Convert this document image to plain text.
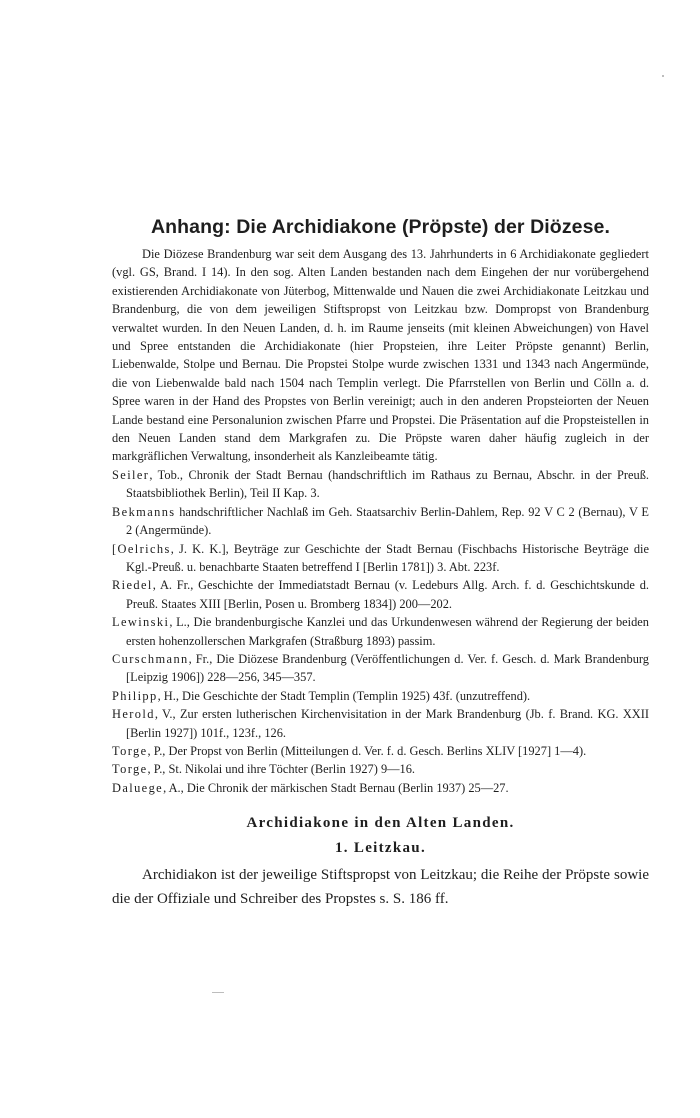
Anhang: Die Archidiakone (Pröpste) der Diözese.

Die Diözese Brandenburg war seit dem Ausgang des 13. Jahrhunderts in 6 Archidiakonate gegliedert (vgl. GS, Brand. I 14). In den sog. Alten Landen bestanden nach dem Eingehen der nur vorübergehend existierenden Archidiakonate von Jüterbog, Mittenwalde und Nauen die zwei Archidiakonate Leitzkau und Brandenburg, die von dem jeweiligen Stiftspropst von Leitzkau bzw. Dompropst von Brandenburg verwaltet wurden. In den Neuen Landen, d. h. im Raume jenseits (mit kleinen Abweichungen) von Havel und Spree entstanden die Archidiakonate (hier Propsteien, ihre Leiter Pröpste genannt) Berlin, Liebenwalde, Stolpe und Bernau. Die Propstei Stolpe wurde zwischen 1331 und 1343 nach Angermünde, die von Liebenwalde bald nach 1504 nach Templin verlegt. Die Pfarrstellen von Berlin und Cölln a. d. Spree waren in der Hand des Propstes von Berlin vereinigt; auch in den anderen Propsteiorten der Neuen Lande bestand eine Personalunion zwischen Pfarre und Propstei. Die Präsentation auf die Propsteistellen in den Neuen Landen stand dem Markgrafen zu. Die Pröpste waren daher häufig zugleich in der markgräflichen Verwaltung, insonderheit als Kanzleibeamte tätig.

Seiler, Tob., Chronik der Stadt Bernau (handschriftlich im Rathaus zu Bernau, Abschr. in der Preuß. Staatsbibliothek Berlin), Teil II Kap. 3.
Bekmanns handschriftlicher Nachlaß im Geh. Staatsarchiv Berlin-Dahlem, Rep. 92 V C 2 (Bernau), V E 2 (Angermünde).
[Oelrichs, J. K. K.], Beyträge zur Geschichte der Stadt Bernau (Fischbachs Historische Beyträge die Kgl.-Preuß. u. benachbarte Staaten betreffend I [Berlin 1781]) 3. Abt. 223f.
Riedel, A. Fr., Geschichte der Immediatstadt Bernau (v. Ledeburs Allg. Arch. f. d. Geschichtskunde d. Preuß. Staates XIII [Berlin, Posen u. Bromberg 1834]) 200—202.
Lewinski, L., Die brandenburgische Kanzlei und das Urkundenwesen während der Regierung der beiden ersten hohenzollerschen Markgrafen (Straßburg 1893) passim.
Curschmann, Fr., Die Diözese Brandenburg (Veröffentlichungen d. Ver. f. Gesch. d. Mark Brandenburg [Leipzig 1906]) 228—256, 345—357.
Philipp, H., Die Geschichte der Stadt Templin (Templin 1925) 43f. (unzutreffend).
Herold, V., Zur ersten lutherischen Kirchenvisitation in der Mark Brandenburg (Jb. f. Brand. KG. XXII [Berlin 1927]) 101f., 123f., 126.
Torge, P., Der Propst von Berlin (Mitteilungen d. Ver. f. d. Gesch. Berlins XLIV [1927] 1—4).
Torge, P., St. Nikolai und ihre Töchter (Berlin 1927) 9—16.
Daluege, A., Die Chronik der märkischen Stadt Bernau (Berlin 1937) 25—27.
Archidiakone in den Alten Landen.
1. Leitzkau.

Archidiakon ist der jeweilige Stiftspropst von Leitzkau; die Reihe der Pröpste sowie die der Offiziale und Schreiber des Propstes s. S. 186 ff.
